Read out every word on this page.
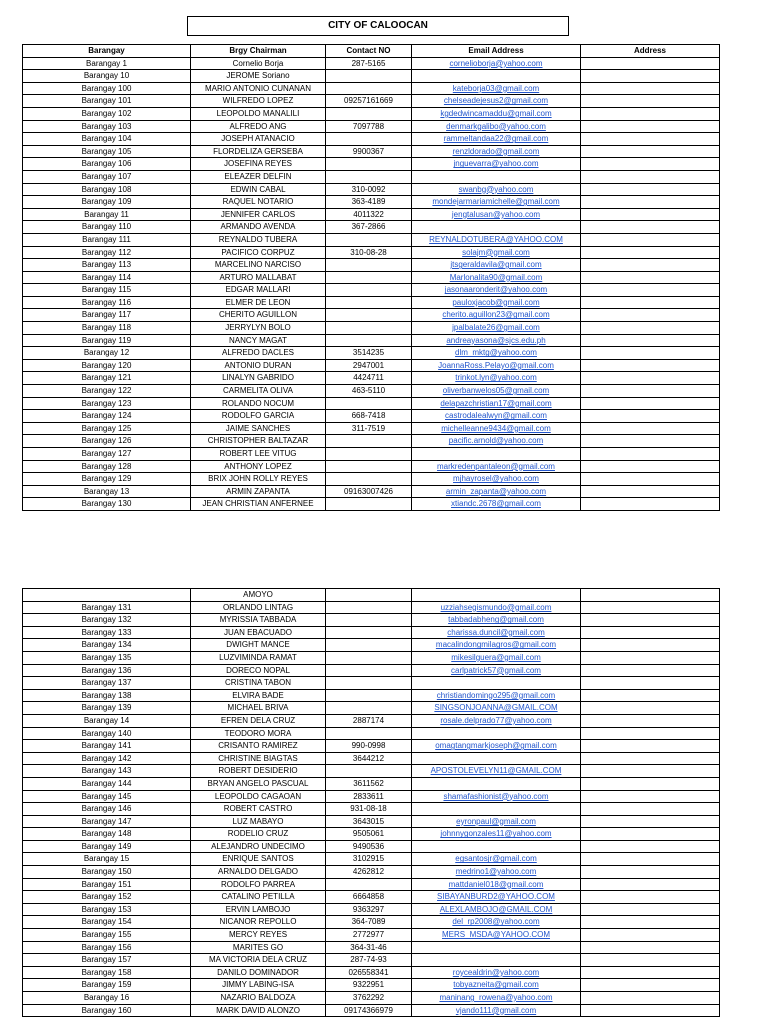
CITY OF CALOOCAN
Barangay	Brgy Chairman	Contact NO	Email Address	Address
Barangay 1	Cornelio Borja	287-5165	cornelioborja@yahoo.com	
Barangay 10	JEROME Soriano			
Barangay 100	MARIO ANTONIO CUNANAN		kateborja03@gmail.com	
Barangay 101	WILFREDO LOPEZ	09257161669	chelseadejesus2@gmail.com	
Barangay 102	LEOPOLDO MANALILI		kgdedwincamaddu@gmail.com	
Barangay 103	ALFREDO ANG	7097788	denmarkgalibo@yahoo.com	
Barangay 104	JOSEPH ATANACIO		rammeltandaa22@gmail.com	
Barangay 105	FLORDELIZA GERSEBA	9900367	renzldorado@gmail.com	
Barangay 106	JOSEFINA REYES		jnguevarra@yahoo.com	
Barangay 107	ELEAZER DELFIN			
Barangay 108	EDWIN CABAL	310-0092	swanbg@yahoo.com	
Barangay 109	RAQUEL NOTARIO	363-4189	mondejarmariamichelle@gmail.com	
Barangay 11	JENNIFER CARLOS	4011322	jengtalusan@yahoo.com	
Barangay 110	ARMANDO AVENDA	367-2866		
Barangay 111	REYNALDO TUBERA		REYNALDOTUBERA@YAHOO.COM	
Barangay 112	PACIFICO CORPUZ	310-08-28	solajm@gmail.com	
Barangay 113	MARCELINO NARCISO		jtsgeraldavila@gmail.com	
Barangay 114	ARTURO MALLABAT		Marlonalita90@gmail.com	
Barangay 115	EDGAR MALLARI		jasonaaronderit@yahoo.com	
Barangay 116	ELMER DE LEON		pauloxjacob@gmail.com	
Barangay 117	CHERITO AGUILLON		cherito.aguillon23@gmail.com	
Barangay 118	JERRYLYN BOLO		jpalbalate26@gmail.com	
Barangay 119	NANCY MAGAT		andreayasona@sjcs.edu.ph	
Barangay 12	ALFREDO DACLES	3514235	dlm_mktg@yahoo.com	
Barangay 120	ANTONIO DURAN	2947001	JoannaRoss.Pelayo@gmail.com	
Barangay 121	LINALYN GABRIDO	4424711	trinkot.lyn@yahoo.com	
Barangay 122	CARMELITA OLIVA	463-5110	oliverbanwelos05@gmail.com	
Barangay 123	ROLANDO NOCUM		delapazchristian17@gmail.com	
Barangay 124	RODOLFO GARCIA	668-7418	castrodalealwyn@gmail.com	
Barangay 125	JAIME SANCHES	311-7519	michelleanne9434@gmail.com	
Barangay 126	CHRISTOPHER BALTAZAR		pacific.arnold@yahoo.com	
Barangay 127	ROBERT LEE VITUG			
Barangay 128	ANTHONY LOPEZ		markredenpantaleon@gmail.com	
Barangay 129	BRIX JOHN ROLLY REYES		mjhayrosel@yahoo.com	
Barangay 13	ARMIN ZAPANTA	09163007426	armin_zapanta@yahoo.com	
Barangay 130	JEAN CHRISTIAN ANFERNEE		xtiandc.2678@gmail.com	
	AMOYO			
Barangay 131	ORLANDO LINTAG		uzziahsegismundo@gmail.com	
Barangay 132	MYRISSIA TABBADA		tabbadabheng@gmail.com	
Barangay 133	JUAN EBACUADO		charissa.duncil@gmail.com	
Barangay 134	DWIGHT MANCE		macalindongmilagros@gmail.com	
Barangay 135	LUZVIMINDA RAMAT		mikesilguera@gmail.com	
Barangay 136	DORECO NOPAL		carlpatrick57@gmail.com	
Barangay 137	CRISTINA TABON			
Barangay 138	ELVIRA BADE		christiandomingo295@gmail.com	
Barangay 139	MICHAEL BRIVA		SINGSONJOANNA@GMAIL.COM	
Barangay 14	EFREN DELA CRUZ	2887174	rosale.delprado77@yahoo.com	
Barangay 140	TEODORO MORA			
Barangay 141	CRISANTO RAMIREZ	990-0998	omagtangmarkjoseph@gmail.com	
Barangay 142	CHRISTINE BIAGTAS	3644212		
Barangay 143	ROBERT DESIDERIO		APOSTOLEVELYN11@GMAIL.COM	
Barangay 144	BRYAN ANGELO PASCUAL	3611562		
Barangay 145	LEOPOLDO CAGAOAN	2833611	shamafashionist@yahoo.com	
Barangay 146	ROBERT CASTRO	931-08-18		
Barangay 147	LUZ MABAYO	3643015	eyronpaul@gmail.com	
Barangay 148	RODELIO CRUZ	9505061	johnnygonzales11@yahoo.com	
Barangay 149	ALEJANDRO UNDECIMO	9490536		
Barangay 15	ENRIQUE SANTOS	3102915	egsantosjr@gmail.com	
Barangay 150	ARNALDO DELGADO	4262812	medrino1@yahoo.com	
Barangay 151	RODOLFO PARREA		mattdaniel018@gmail.com	
Barangay 152	CATALINO PETILLA	6664858	SIBAYANBURD2@YAHOO.COM	
Barangay 153	ERVIN LAMBOJO	9363297	ALEXLAMBOJO@GMAIL.COM	
Barangay 154	NICANOR REPOLLO	364-7089	del_rp2008@yahoo.com	
Barangay 155	MERCY REYES	2772977	MERS_MSDA@YAHOO.COM	
Barangay 156	MARITES GO	364-31-46		
Barangay 157	MA VICTORIA DELA CRUZ	287-74-93		
Barangay 158	DANILO DOMINADOR	026558341	roycealdrin@yahoo.com	
Barangay 159	JIMMY LABING-ISA	9322951	tobyazneita@gmail.com	
Barangay 16	NAZARIO BALDOZA	3762292	maninang_rowena@yahoo.com	
Barangay 160	MARK DAVID ALONZO	09174366979	vjando111@gmail.com	
